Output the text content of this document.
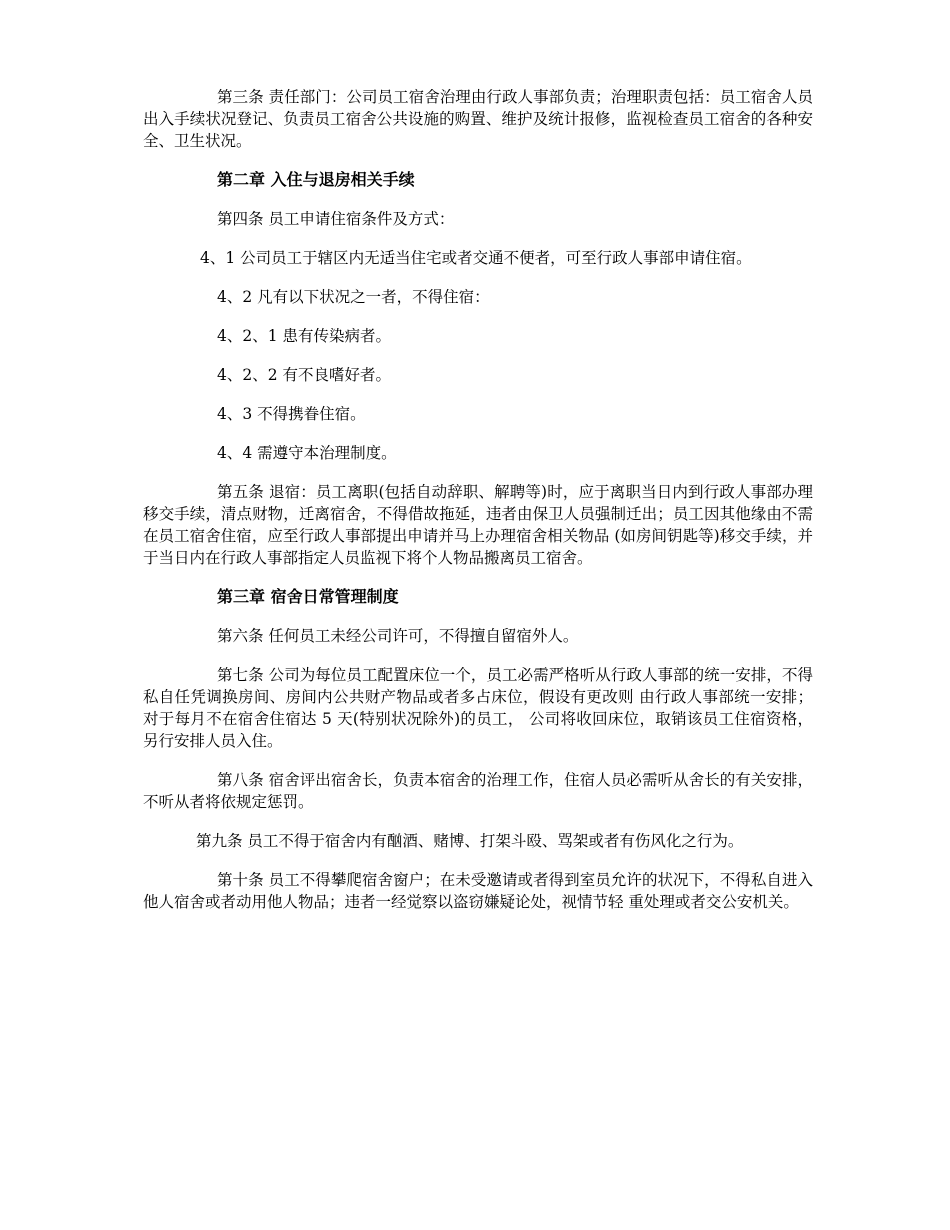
第三条 责任部门：公司员工宿舍治理由行政人事部负责；治理职责包括：员工宿舍人员出入手续状况登记、负责员工宿舍公共设施的购置、维护及统计报修，监视检查员工宿舍的各种安全、卫生状况。

第二章 入住与退房相关手续

第四条 员工申请住宿条件及方式：

4、1 公司员工于辖区内无适当住宅或者交通不便者，可至行政人事部申请住宿。

4、2 凡有以下状况之一者，不得住宿：

4、2、1 患有传染病者。

4、2、2 有不良嗜好者。

4、3 不得携眷住宿。

4、4 需遵守本治理制度。

第五条 退宿：员工离职(包括自动辞职、解聘等)时，应于离职当日内到行政人事部办理移交手续，清点财物，迁离宿舍，不得借故拖延，违者由保卫人员强制迁出；员工因其他缘由不需在员工宿舍住宿，应至行政人事部提出申请并马上办理宿舍相关物品 (如房间钥匙等)移交手续，并于当日内在行政人事部指定人员监视下将个人物品搬离员工宿舍。

第三章 宿舍日常管理制度

第六条 任何员工未经公司许可，不得擅自留宿外人。

第七条 公司为每位员工配置床位一个，员工必需严格听从行政人事部的统一安排，不得私自任凭调换房间、房间内公共财产物品或者多占床位，假设有更改则 由行政人事部统一安排；对于每月不在宿舍住宿达 5 天(特别状况除外)的员工， 公司将收回床位，取销该员工住宿资格，另行安排人员入住。

第八条 宿舍评出宿舍长，负责本宿舍的治理工作，住宿人员必需听从舍长的有关安排，不听从者将依规定惩罚。

第九条 员工不得于宿舍内有酗酒、赌博、打架斗殴、骂架或者有伤风化之行为。

第十条 员工不得攀爬宿舍窗户；在未受邀请或者得到室员允许的状况下，不得私自进入他人宿舍或者动用他人物品；违者一经觉察以盗窃嫌疑论处，视情节轻 重处理或者交公安机关。
